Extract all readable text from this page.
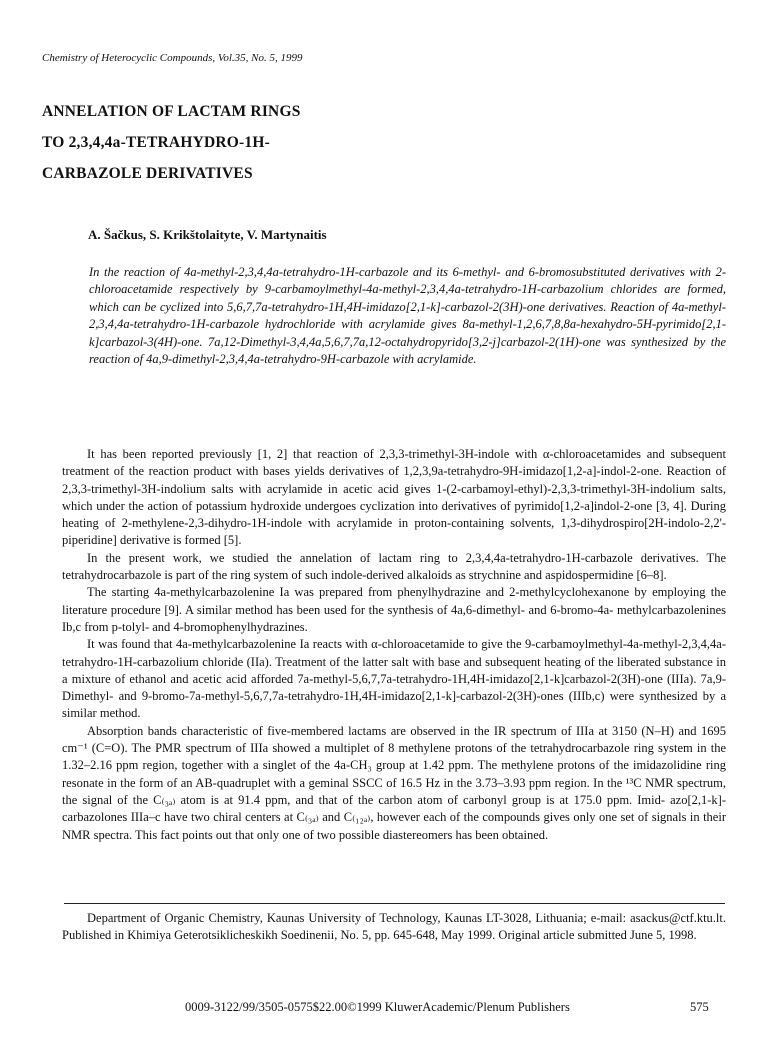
Chemistry of Heterocyclic Compounds, Vol.35, No. 5, 1999
ANNELATION OF LACTAM RINGS
TO 2,3,4,4a-TETRAHYDRO-1H-
CARBAZOLE DERIVATIVES
A. Šačkus, S. Krikštolaityte, V. Martynaitis

In the reaction of 4a-methyl-2,3,4,4a-tetrahydro-1H-carbazole and its 6-methyl- and 6-bromosubstituted derivatives with 2-chloroacetamide respectively by 9-carbamoylmethyl-4a-methyl-2,3,4,4a-tetrahydro-1H-carbazolium chlorides are formed, which can be cyclized into 5,6,7,7a-tetrahydro-1H,4H-imidazo[2,1-k]-carbazol-2(3H)-one derivatives. Reaction of 4a-methyl-2,3,4,4a-tetrahydro-1H-carbazole hydrochloride with acrylamide gives 8a-methyl-1,2,6,7,8,8a-hexahydro-5H-pyrimido[2,1-k]carbazol-3(4H)-one. 7a,12-Dimethyl-3,4,4a,5,6,7,7a,12-octahydropyrido[3,2-j]carbazol-2(1H)-one was synthesized by the reaction of 4a,9-dimethyl-2,3,4,4a-tetrahydro-9H-carbazole with acrylamide.

It has been reported previously [1, 2] that reaction of 2,3,3-trimethyl-3H-indole with α-chloroacetamides and subsequent treatment of the reaction product with bases yields derivatives of 1,2,3,9a-tetrahydro-9H-imidazo[1,2-a]-indol-2-one. Reaction of 2,3,3-trimethyl-3H-indolium salts with acrylamide in acetic acid gives 1-(2-carbamoyl-ethyl)-2,3,3-trimethyl-3H-indolium salts, which under the action of potassium hydroxide undergoes cyclization into derivatives of pyrimido[1,2-a]indol-2-one [3, 4]. During heating of 2-methylene-2,3-dihydro-1H-indole with acrylamide in proton-containing solvents, 1,3-dihydrospiro[2H-indolo-2,2'-piperidine] derivative is formed [5].

In the present work, we studied the annelation of lactam ring to 2,3,4,4a-tetrahydro-1H-carbazole derivatives. The tetrahydrocarbazole is part of the ring system of such indole-derived alkaloids as strychnine and aspidospermidine [6–8].

The starting 4a-methylcarbazolenine Ia was prepared from phenylhydrazine and 2-methylcyclohexanone by employing the literature procedure [9]. A similar method has been used for the synthesis of 4a,6-dimethyl- and 6-bromo-4a- methylcarbazolenines Ib,c from p-tolyl- and 4-bromophenylhydrazines.

It was found that 4a-methylcarbazolenine Ia reacts with α-chloroacetamide to give the 9-carbamoylmethyl-4a-methyl-2,3,4,4a-tetrahydro-1H-carbazolium chloride (IIa). Treatment of the latter salt with base and subsequent heating of the liberated substance in a mixture of ethanol and acetic acid afforded 7a-methyl-5,6,7,7a-tetrahydro-1H,4H-imidazo[2,1-k]carbazol-2(3H)-one (IIIa). 7a,9-Dimethyl- and 9-bromo-7a-methyl-5,6,7,7a-tetrahydro-1H,4H-imidazo[2,1-k]-carbazol-2(3H)-ones (IIIb,c) were synthesized by a similar method.

Absorption bands characteristic of five-membered lactams are observed in the IR spectrum of IIIa at 3150 (N–H) and 1695 cm⁻¹ (C=O). The PMR spectrum of IIIa showed a multiplet of 8 methylene protons of the tetrahydrocarbazole ring system in the 1.32–2.16 ppm region, together with a singlet of the 4a-CH₃ group at 1.42 ppm. The methylene protons of the imidazolidine ring resonate in the form of an AB-quadruplet with a geminal SSCC of 16.5 Hz in the 3.73–3.93 ppm region. In the ¹³C NMR spectrum, the signal of the C₍₃ₐ₎ atom is at 91.4 ppm, and that of the carbon atom of carbonyl group is at 175.0 ppm. Imid- azo[2,1-k]-carbazolones IIIa–c have two chiral centers at C₍₃ₐ₎ and C₍₁₂ₐ₎, however each of the compounds gives only one set of signals in their NMR spectra. This fact points out that only one of two possible diastereomers has been obtained.

Department of Organic Chemistry, Kaunas University of Technology, Kaunas LT-3028, Lithuania; e-mail: asackus@ctf.ktu.lt. Published in Khimiya Geterotsiklicheskikh Soedinenii, No. 5, pp. 645-648, May 1999. Original article submitted June 5, 1998.

0009-3122/99/3505-0575$22.00©1999 KluwerAcademic/Plenum Publishers	575
